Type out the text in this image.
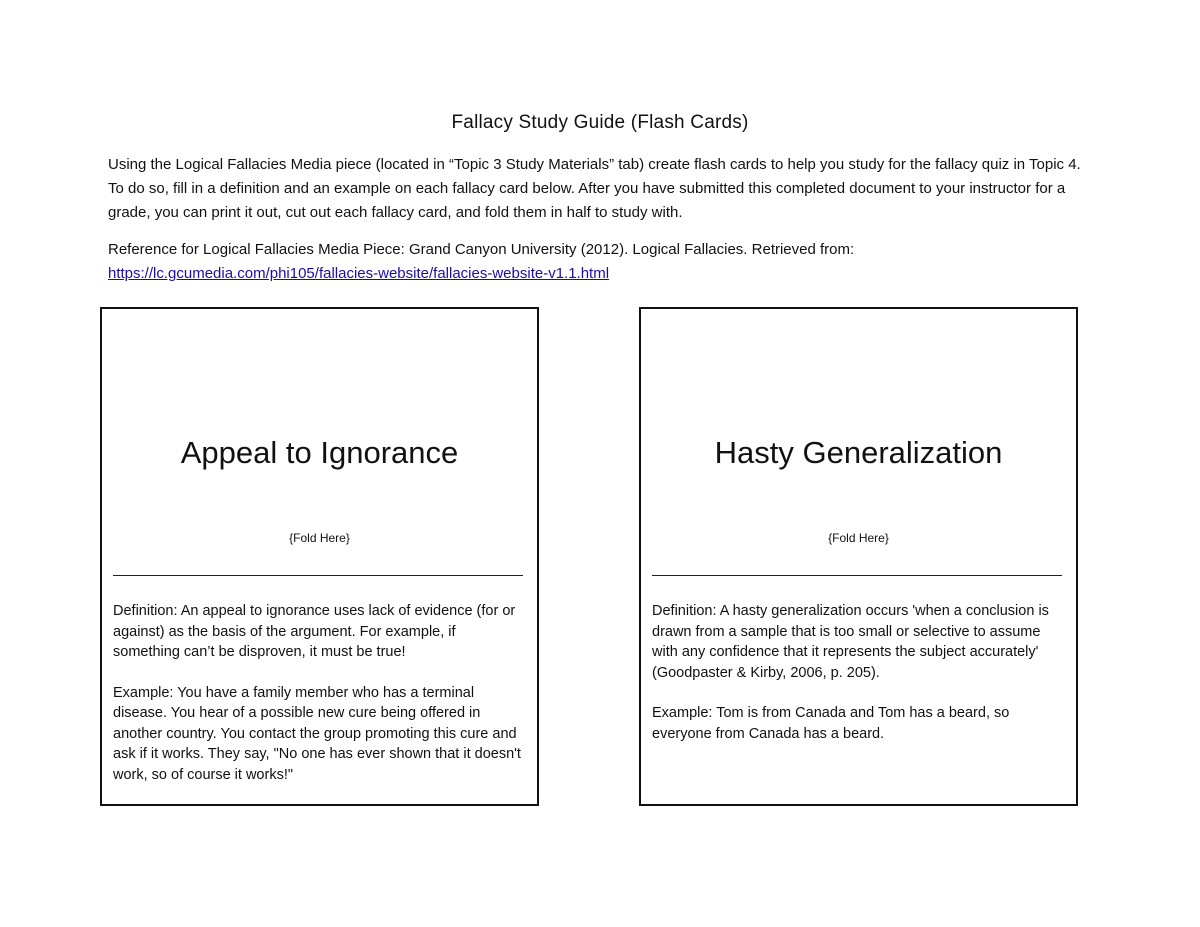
Fallacy Study Guide (Flash Cards)

Using the Logical Fallacies Media piece (located in “Topic 3 Study Materials” tab) create flash cards to help you study for the fallacy quiz in Topic 4. To do so, fill in a definition and an example on each fallacy card below. After you have submitted this completed document to your instructor for a grade, you can print it out, cut out each fallacy card, and fold them in half to study with.

Reference for Logical Fallacies Media Piece: Grand Canyon University (2012). Logical Fallacies. Retrieved from:
https://lc.gcumedia.com/phi105/fallacies-website/fallacies-website-v1.1.html

Appeal to Ignorance
{Fold Here}

Definition: An appeal to ignorance uses lack of evidence (for or against) as the basis of the argument. For example, if something can’t be disproven, it must be true!

Example: You have a family member who has a terminal disease. You hear of a possible new cure being offered in another country. You contact the group promoting this cure and ask if it works. They say, "No one has ever shown that it doesn't work, so of course it works!"

Hasty Generalization
{Fold Here}

Definition: A hasty generalization occurs 'when a conclusion is drawn from a sample that is too small or selective to assume with any confidence that it represents the subject accurately' (Goodpaster & Kirby, 2006, p. 205).

Example: Tom is from Canada and Tom has a beard, so everyone from Canada has a beard.
